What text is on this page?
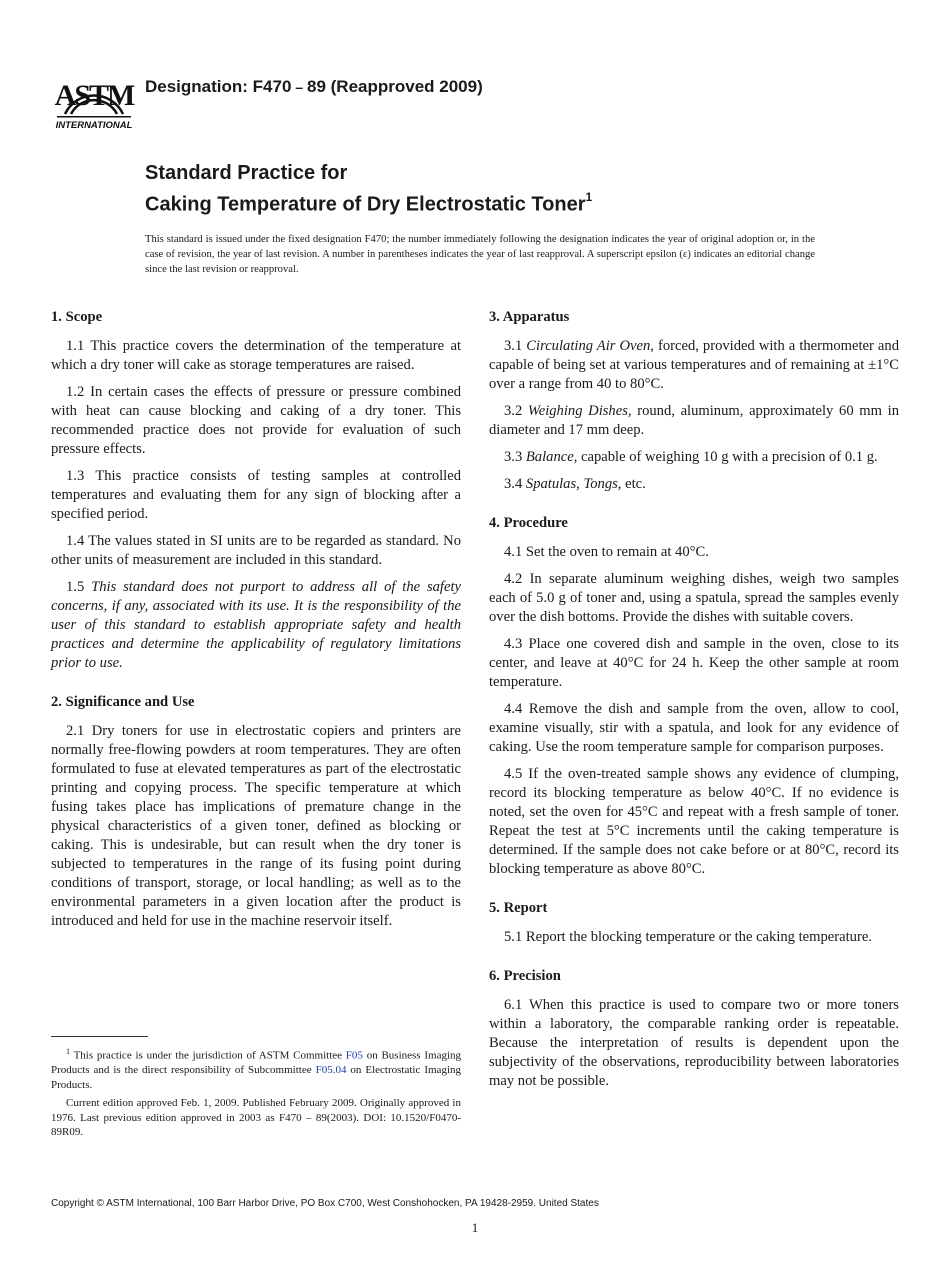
ASTM
INTERNATIONAL
Designation: F470 – 89 (Reapproved 2009)
Standard Practice for
Caking Temperature of Dry Electrostatic Toner$^1$
This standard is issued under the fixed designation F470; the number immediately following the designation indicates the year of original adoption or, in the case of revision, the year of last revision. A number in parentheses indicates the year of last reapproval. A superscript epsilon (ε) indicates an editorial change since the last revision or reapproval.
1. Scope

1.1 This practice covers the determination of the temperature at which a dry toner will cake as storage temperatures are raised.

1.2 In certain cases the effects of pressure or pressure combined with heat can cause blocking and caking of a dry toner. This recommended practice does not provide for evaluation of such pressure effects.

1.3 This practice consists of testing samples at controlled temperatures and evaluating them for any sign of blocking after a specified period.

1.4 The values stated in SI units are to be regarded as standard. No other units of measurement are included in this standard.

1.5 This standard does not purport to address all of the safety concerns, if any, associated with its use. It is the responsibility of the user of this standard to establish appropriate safety and health practices and determine the applicability of regulatory limitations prior to use.

2. Significance and Use

2.1 Dry toners for use in electrostatic copiers and printers are normally free-flowing powders at room temperatures. They are often formulated to fuse at elevated temperatures as part of the electrostatic printing and copying process. The specific temperature at which fusing takes place has implications of premature change in the physical characteristics of a given toner, defined as blocking or caking. This is undesirable, but can result when the dry toner is subjected to temperatures in the range of its fusing point during conditions of transport, storage, or local handling; as well as to the environmental parameters in a given location after the product is introduced and held for use in the machine reservoir itself.

3. Apparatus

3.1 Circulating Air Oven, forced, provided with a thermometer and capable of being set at various temperatures and of remaining at ±1°C over a range from 40 to 80°C.

3.2 Weighing Dishes, round, aluminum, approximately 60 mm in diameter and 17 mm deep.

3.3 Balance, capable of weighing 10 g with a precision of 0.1 g.

3.4 Spatulas, Tongs, etc.

4. Procedure

4.1 Set the oven to remain at 40°C.

4.2 In separate aluminum weighing dishes, weigh two samples each of 5.0 g of toner and, using a spatula, spread the samples evenly over the dish bottoms. Provide the dishes with suitable covers.

4.3 Place one covered dish and sample in the oven, close to its center, and leave at 40°C for 24 h. Keep the other sample at room temperature.

4.4 Remove the dish and sample from the oven, allow to cool, examine visually, stir with a spatula, and look for any evidence of caking. Use the room temperature sample for comparison purposes.

4.5 If the oven-treated sample shows any evidence of clumping, record its blocking temperature as below 40°C. If no evidence is noted, set the oven for 45°C and repeat with a fresh sample of toner. Repeat the test at 5°C increments until the caking temperature is determined. If the sample does not cake before or at 80°C, record its blocking temperature as above 80°C.

5. Report

5.1 Report the blocking temperature or the caking temperature.

6. Precision

6.1 When this practice is used to compare two or more toners within a laboratory, the comparable ranking order is repeatable. Because the interpretation of results is dependent upon the subjectivity of the observations, reproducibility between laboratories may not be possible.

$^1$ This practice is under the jurisdiction of ASTM Committee F05 on Business Imaging Products and is the direct responsibility of Subcommittee F05.04 on Electrostatic Imaging Products.

Current edition approved Feb. 1, 2009. Published February 2009. Originally approved in 1976. Last previous edition approved in 2003 as F470 – 89(2003). DOI: 10.1520/F0470-89R09.

Copyright © ASTM International, 100 Barr Harbor Drive, PO Box C700, West Conshohocken, PA 19428-2959. United States
1
